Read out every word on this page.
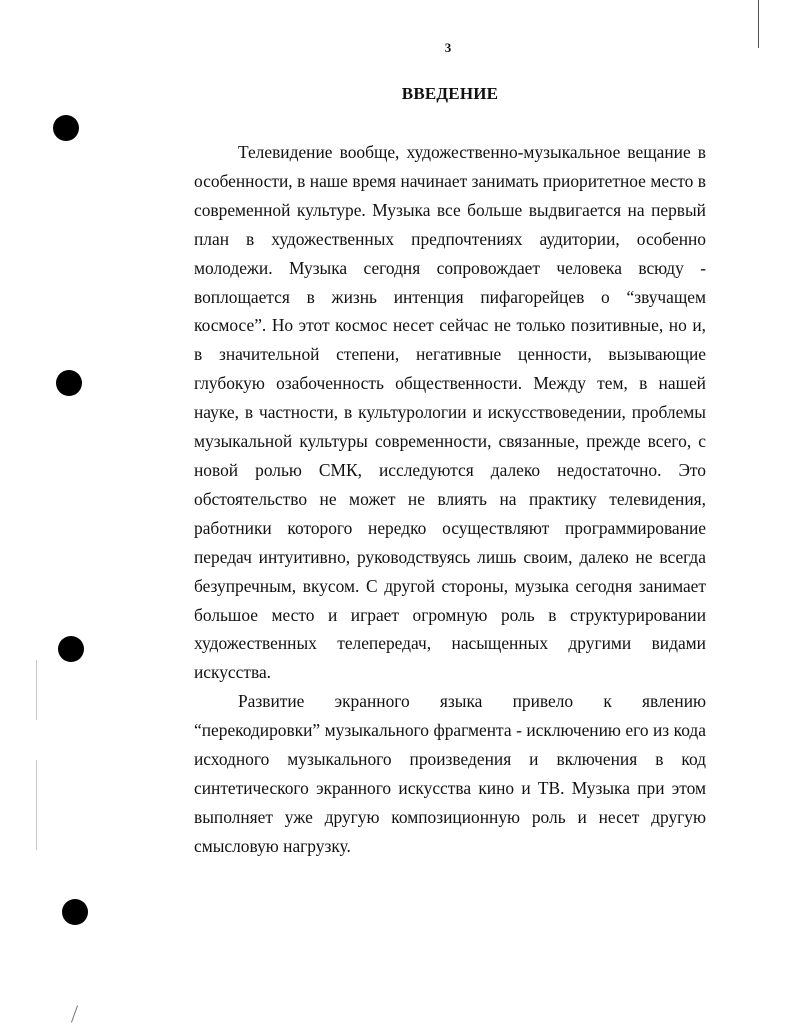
3
ВВЕДЕНИЕ

Телевидение вообще, художественно-музыкальное вещание в особенности, в наше время начинает занимать приоритетное место в современной культуре. Музыка все больше выдвигается на первый план в художественных предпочтениях аудитории, особенно молодежи. Музыка сегодня сопровождает человека всюду - воплощается в жизнь интенция пифагорейцев о “звучащем космосе”. Но этот космос несет сейчас не только позитивные, но и, в значительной степени, негативные ценности, вызывающие глубокую озабоченность общественности. Между тем, в нашей науке, в частности, в культурологии и искусствоведении, проблемы музыкальной культуры современности, связанные, прежде всего, с новой ролью СМК, исследуются далеко недостаточно. Это обстоятельство не может не влиять на практику телевидения, работники которого нередко осуществляют программирование передач интуитивно, руководствуясь лишь своим, далеко не всегда безупречным, вкусом. С другой стороны, музыка сегодня занимает большое место и играет огромную роль в структурировании художественных телепередач, насыщенных другими видами искусства.

Развитие экранного языка привело к явлению “перекодировки” музыкального фрагмента - исключению его из кода исходного музыкального произведения и включения в код синтетического экранного искусства кино и ТВ. Музыка при этом выполняет уже другую композиционную роль и несет другую смысловую нагрузку.
